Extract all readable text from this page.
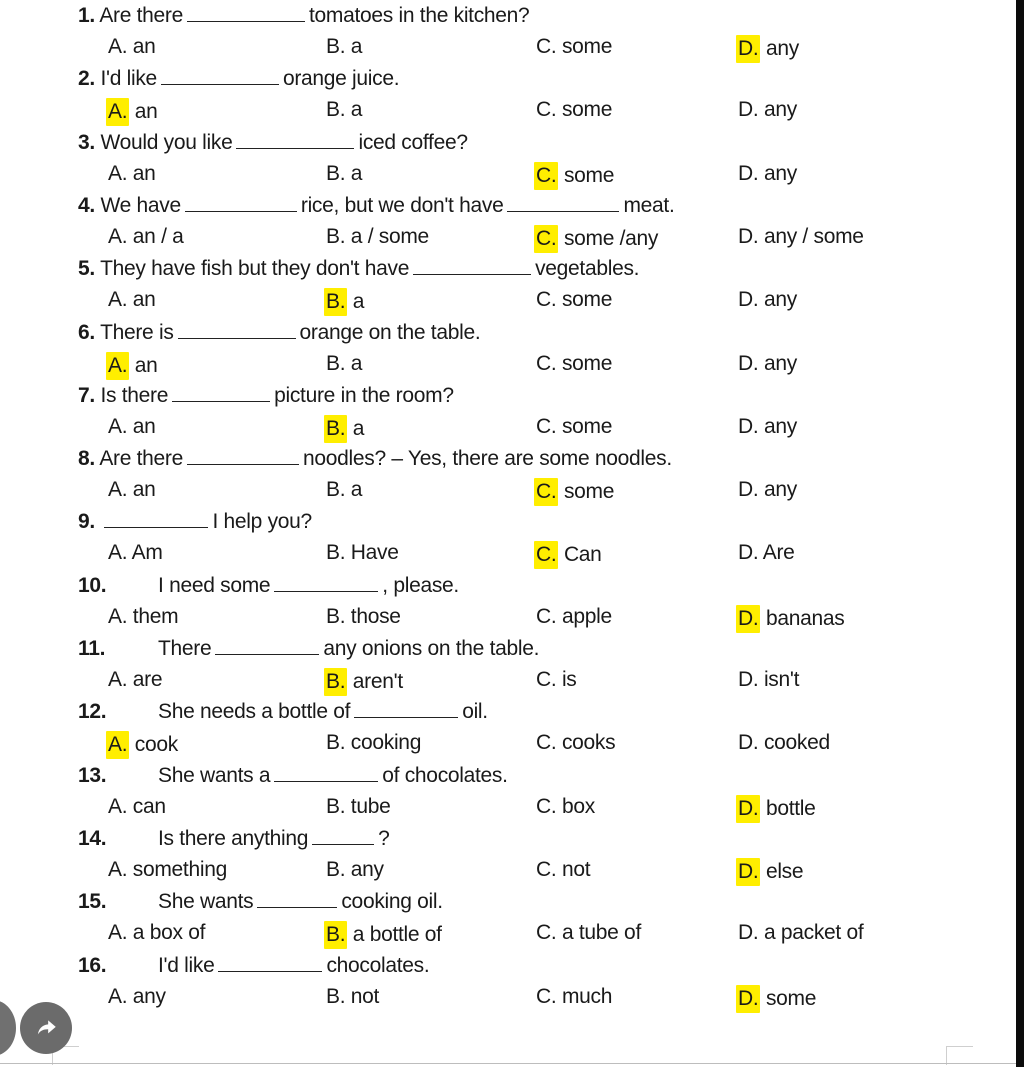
1. Are there	tomatoes in the kitchen?
A. an	B. a	C. some	D. any
2. I'd like	orange juice.
A. an	B. a	C. some	D. any
3. Would you like	iced coffee?
A. an	B. a	C. some	D. any
4. We have	rice, but we don't have	meat.
A. an / a	B. a / some	C. some /any	D. any / some
5. They have fish but they don't have	vegetables.
A. an	B. a	C. some	D. any
6. There is	orange on the table.
A. an	B. a	C. some	D. any
7. Is there	picture in the room?
A. an	B. a	C. some	D. any
8. Are there	noodles? – Yes, there are some noodles.
A. an	B. a	C. some	D. any
9.	I help you?
A. Am	B. Have	C. Can	D. Are
10. I need some	, please.
A. them	B. those	C. apple	D. bananas
11.	There	any onions on the table.
A. are	B. aren't	C. is	D. isn't
12. She needs a bottle of	oil.
A. cook	B. cooking	C. cooks	D. cooked
13. She wants a	of chocolates.
A. can	B. tube	C. box	D. bottle
14. Is there anything	?
A. something	B. any	C. not	D. else
15. She wants	cooking oil.
A. a box of	B. a bottle of	C. a tube of	D. a packet of
16. I'd like	chocolates.
A. any	B. not	C. much	D. some
